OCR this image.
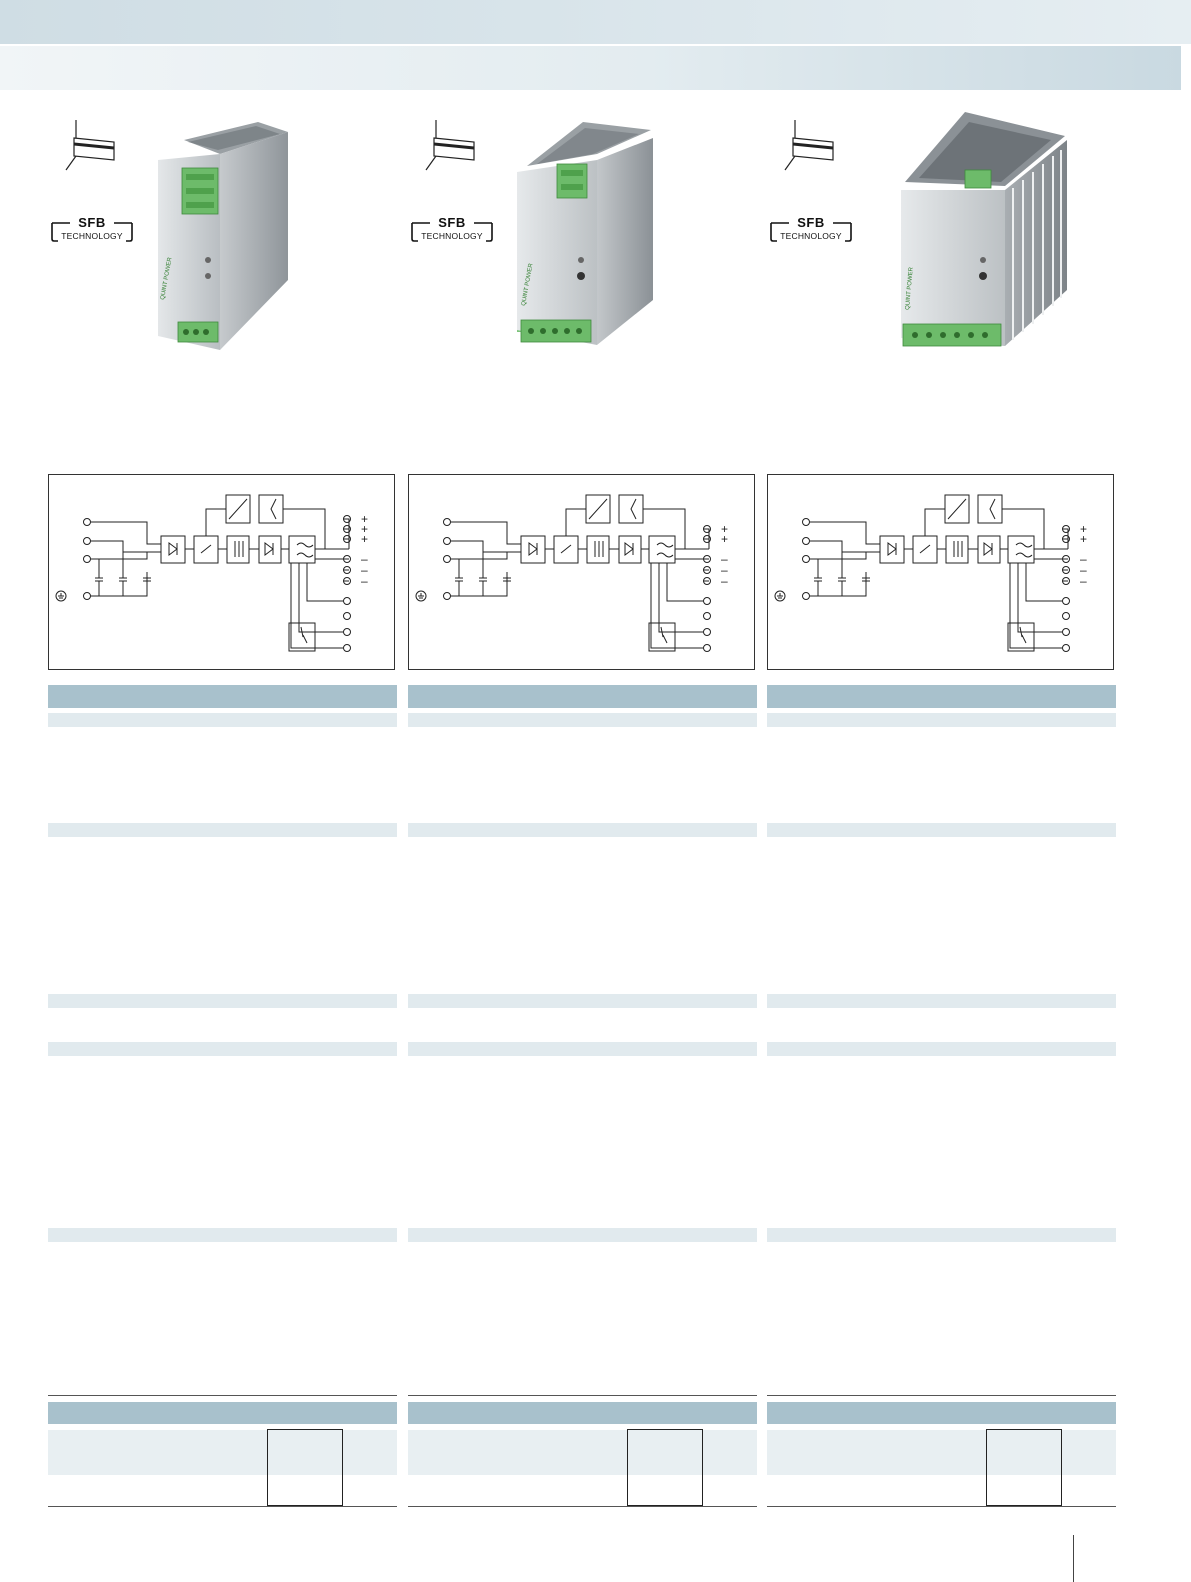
SFB
TECHNOLOGY
QUINT POWER
+
+
+
–
–
–
SFB
TECHNOLOGY
QUINT POWER
+
+
–
–
–
SFB
TECHNOLOGY
QUINT POWER
+
+
–
–
–
